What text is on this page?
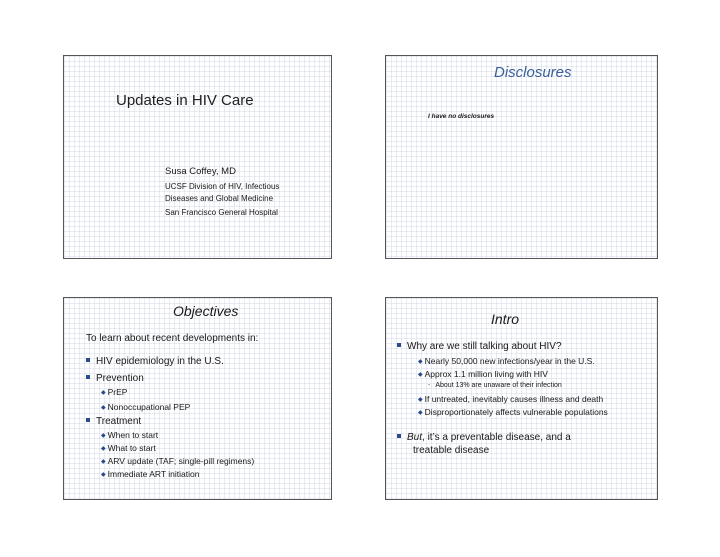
Updates in HIV Care
Susa Coffey, MD
UCSF Division of HIV, Infectious
Diseases and Global Medicine
San Francisco General Hospital
Disclosures
I have no disclosures
Objectives
To learn about recent developments in:
HIV epidemiology in the U.S.
Prevention
◆ PrEP
◆ Nonoccupational PEP
Treatment
◆ When to start
◆ What to start
◆ ARV update (TAF; single-pill regimens)
◆ Immediate ART initiation
Intro
Why are we still talking about HIV?
◆ Nearly 50,000 new infections/year in the U.S.
◆ Approx 1.1 million living with HIV
- About 13% are unaware of their infection
◆ If untreated, inevitably causes illness and death
◆ Disproportionately affects vulnerable populations
But, it’s a preventable disease, and a
treatable disease
